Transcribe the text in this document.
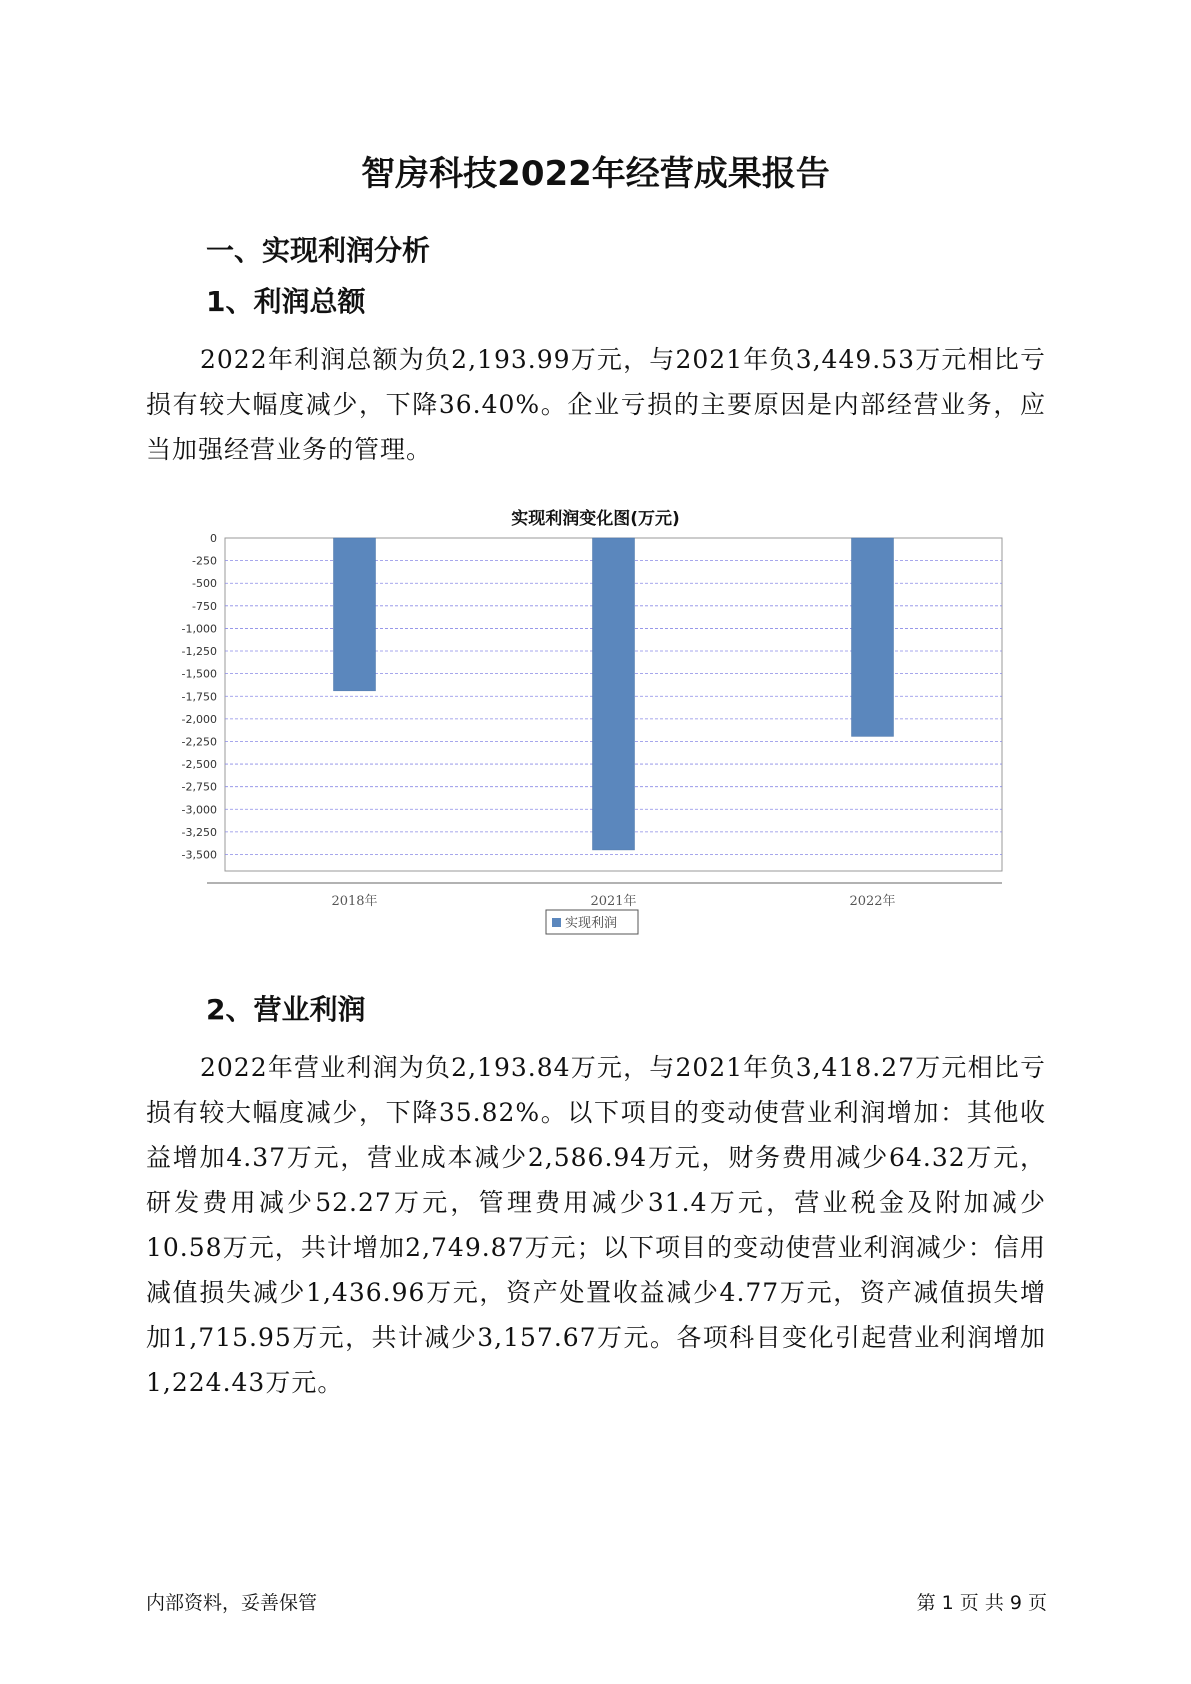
智房科技2022年经营成果报告
一、实现利润分析
1、利润总额

2022年利润总额为负2,193.99万元，与2021年负3,449.53万元相比亏损有较大幅度减少，下降36.40%。企业亏损的主要原因是内部经营业务，应当加强经营业务的管理。

实现利润变化图(万元)
0
-250
-500
-750
-1,000
-1,250
-1,500
-1,750
-2,000
-2,250
-2,500
-2,750
-3,000
-3,250
-3,500
2018年	2021年	2022年
实现利润
2、营业利润

2022年营业利润为负2,193.84万元，与2021年负3,418.27万元相比亏损有较大幅度减少，下降35.82%。以下项目的变动使营业利润增加：其他收益增加4.37万元，营业成本减少2,586.94万元，财务费用减少64.32万元，研发费用减少52.27万元，管理费用减少31.4万元，营业税金及附加减少10.58万元，共计增加2,749.87万元；以下项目的变动使营业利润减少：信用减值损失减少1,436.96万元，资产处置收益减少4.77万元，资产减值损失增加1,715.95万元，共计减少3,157.67万元。各项科目变化引起营业利润增加1,224.43万元。

内部资料，妥善保管	第 1 页 共 9 页
